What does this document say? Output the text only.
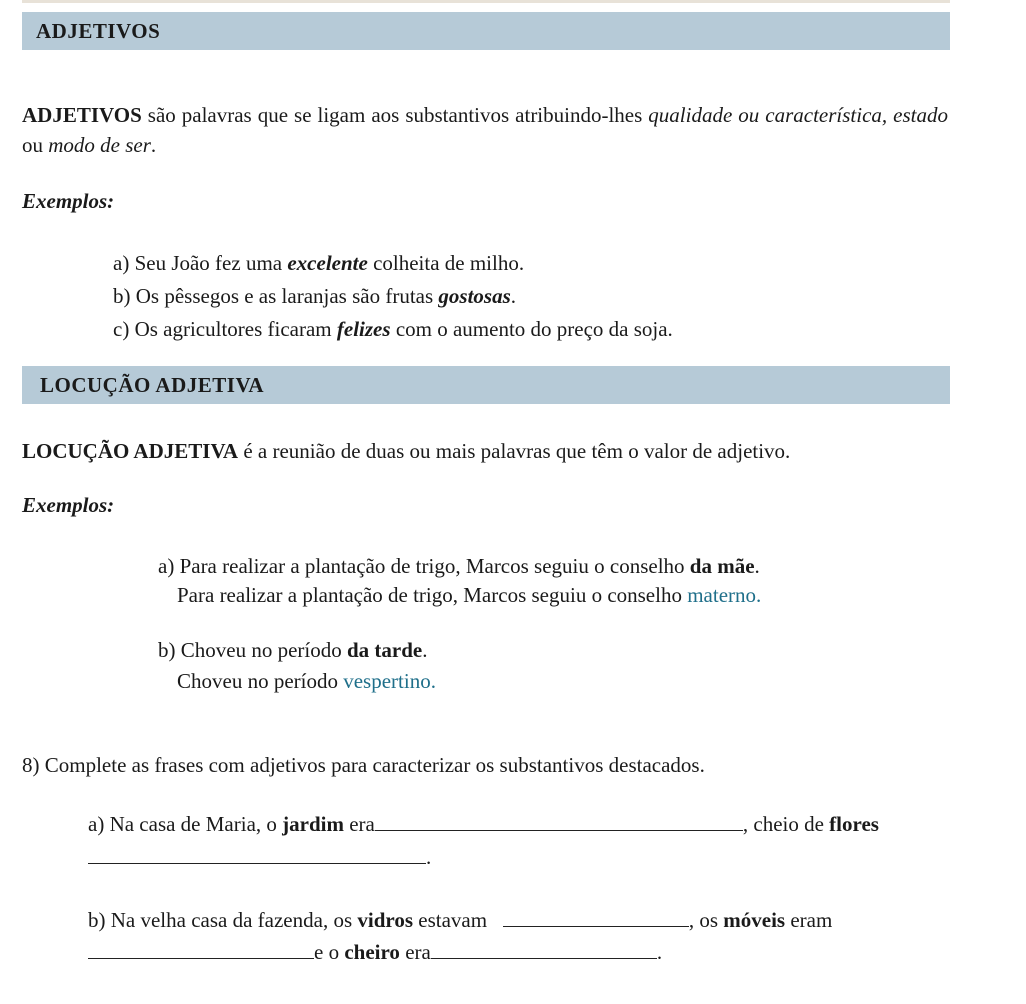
ADJETIVOS
ADJETIVOS são palavras que se ligam aos substantivos atribuindo-lhes qualidade ou característica, estado ou modo de ser.
Exemplos:
a) Seu João fez uma excelente colheita de milho.
b) Os pêssegos e as laranjas são frutas gostosas.
c) Os agricultores ficaram felizes com o aumento do preço da soja.
LOCUÇÃO ADJETIVA
LOCUÇÃO ADJETIVA é a reunião de duas ou mais palavras que têm o valor de adjetivo.
Exemplos:
a) Para realizar a plantação de trigo, Marcos seguiu o conselho da mãe.
Para realizar a plantação de trigo, Marcos seguiu o conselho materno.
b) Choveu no período da tarde.
Choveu no período vespertino.
8) Complete as frases com adjetivos para caracterizar os substantivos destacados.
a) Na casa de Maria, o jardim era	, cheio de flores
.
b) Na velha casa da fazenda, os vidros estavam	, os móveis eram
e o cheiro era	.
